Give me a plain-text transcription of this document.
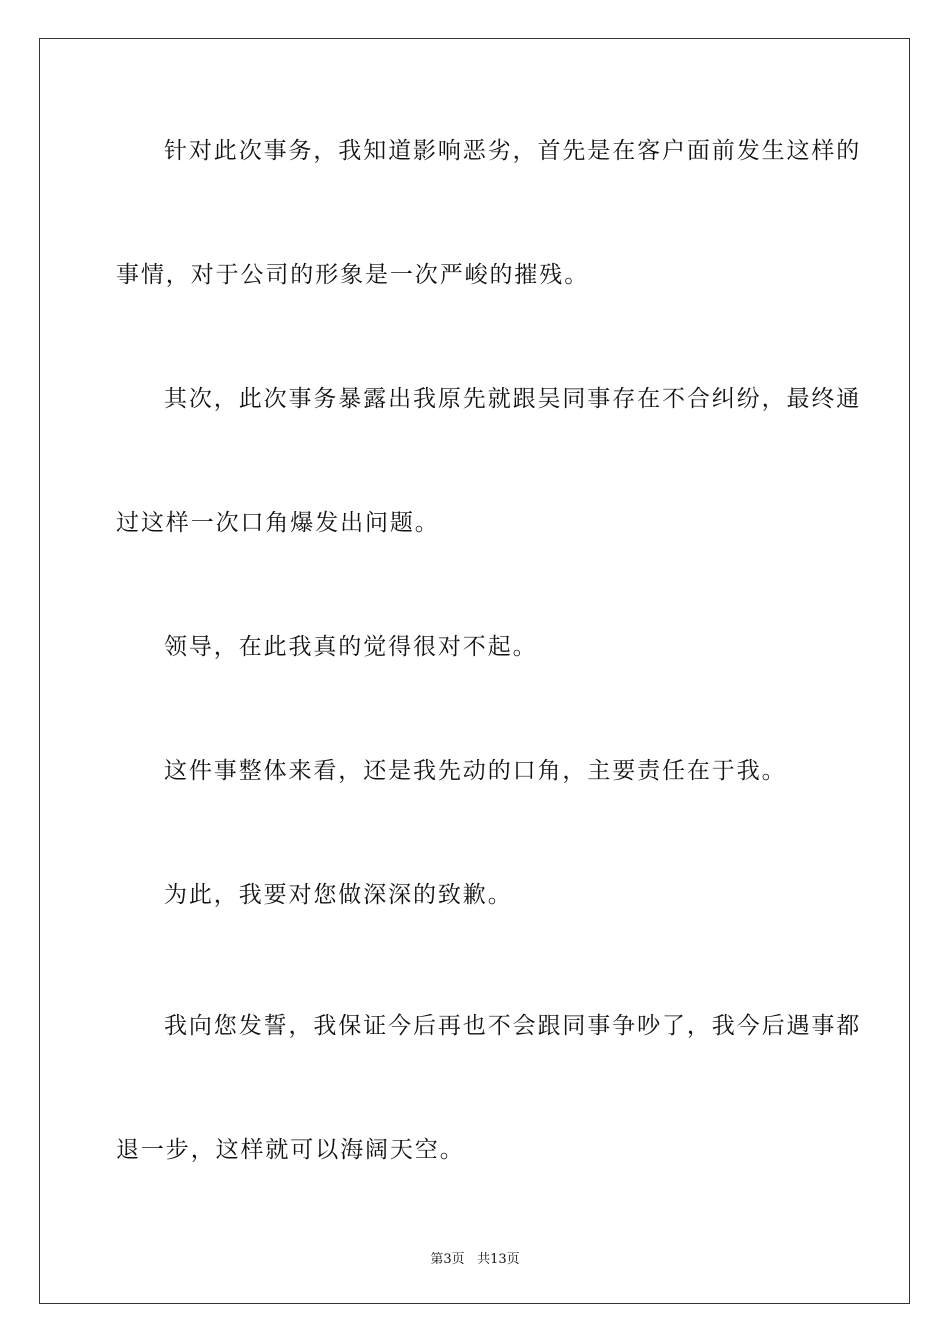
针对此次事务，我知道影响恶劣，首先是在客户面前发生这样的
事情，对于公司的形象是一次严峻的摧残。
其次，此次事务暴露出我原先就跟吴同事存在不合纠纷，最终通
过这样一次口角爆发出问题。
领导，在此我真的觉得很对不起。
这件事整体来看，还是我先动的口角，主要责任在于我。
为此，我要对您做深深的致歉。
我向您发誓，我保证今后再也不会跟同事争吵了，我今后遇事都
退一步，这样就可以海阔天空。
第3页 共13页
